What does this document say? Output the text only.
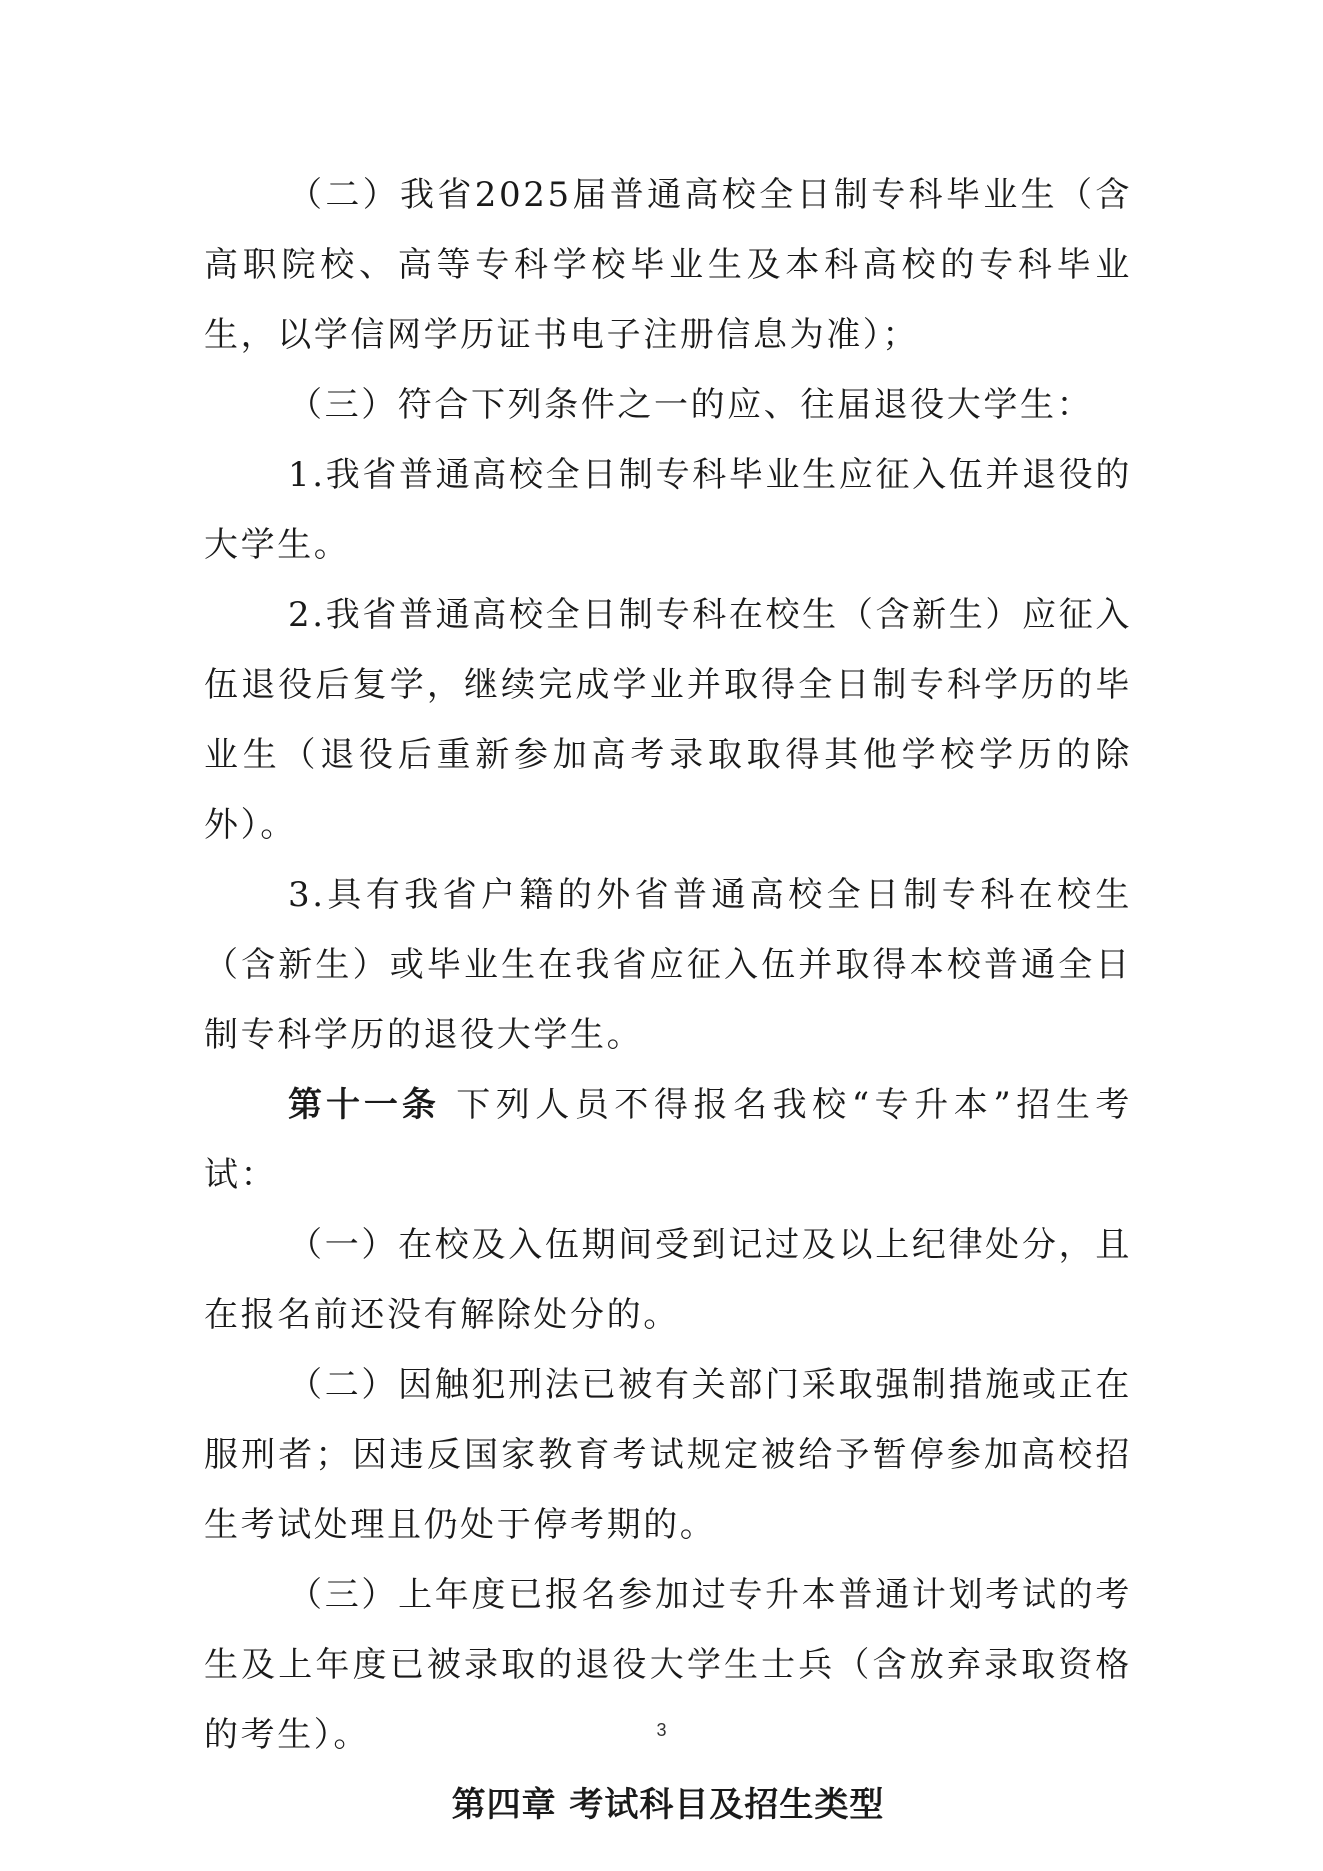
（二）我省2025届普通高校全日制专科毕业生（含高职院校、高等专科学校毕业生及本科高校的专科毕业生，以学信网学历证书电子注册信息为准）；

（三）符合下列条件之一的应、往届退役大学生：

1.我省普通高校全日制专科毕业生应征入伍并退役的大学生。

2.我省普通高校全日制专科在校生（含新生）应征入伍退役后复学，继续完成学业并取得全日制专科学历的毕业生（退役后重新参加高考录取取得其他学校学历的除外）。

3.具有我省户籍的外省普通高校全日制专科在校生（含新生）或毕业生在我省应征入伍并取得本校普通全日制专科学历的退役大学生。

第十一条 下列人员不得报名我校“专升本”招生考试：

（一）在校及入伍期间受到记过及以上纪律处分，且在报名前还没有解除处分的。

（二）因触犯刑法已被有关部门采取强制措施或正在服刑者；因违反国家教育考试规定被给予暂停参加高校招生考试处理且仍处于停考期的。

（三）上年度已报名参加过专升本普通计划考试的考生及上年度已被录取的退役大学生士兵（含放弃录取资格的考生）。

第四章 考试科目及招生类型
3
